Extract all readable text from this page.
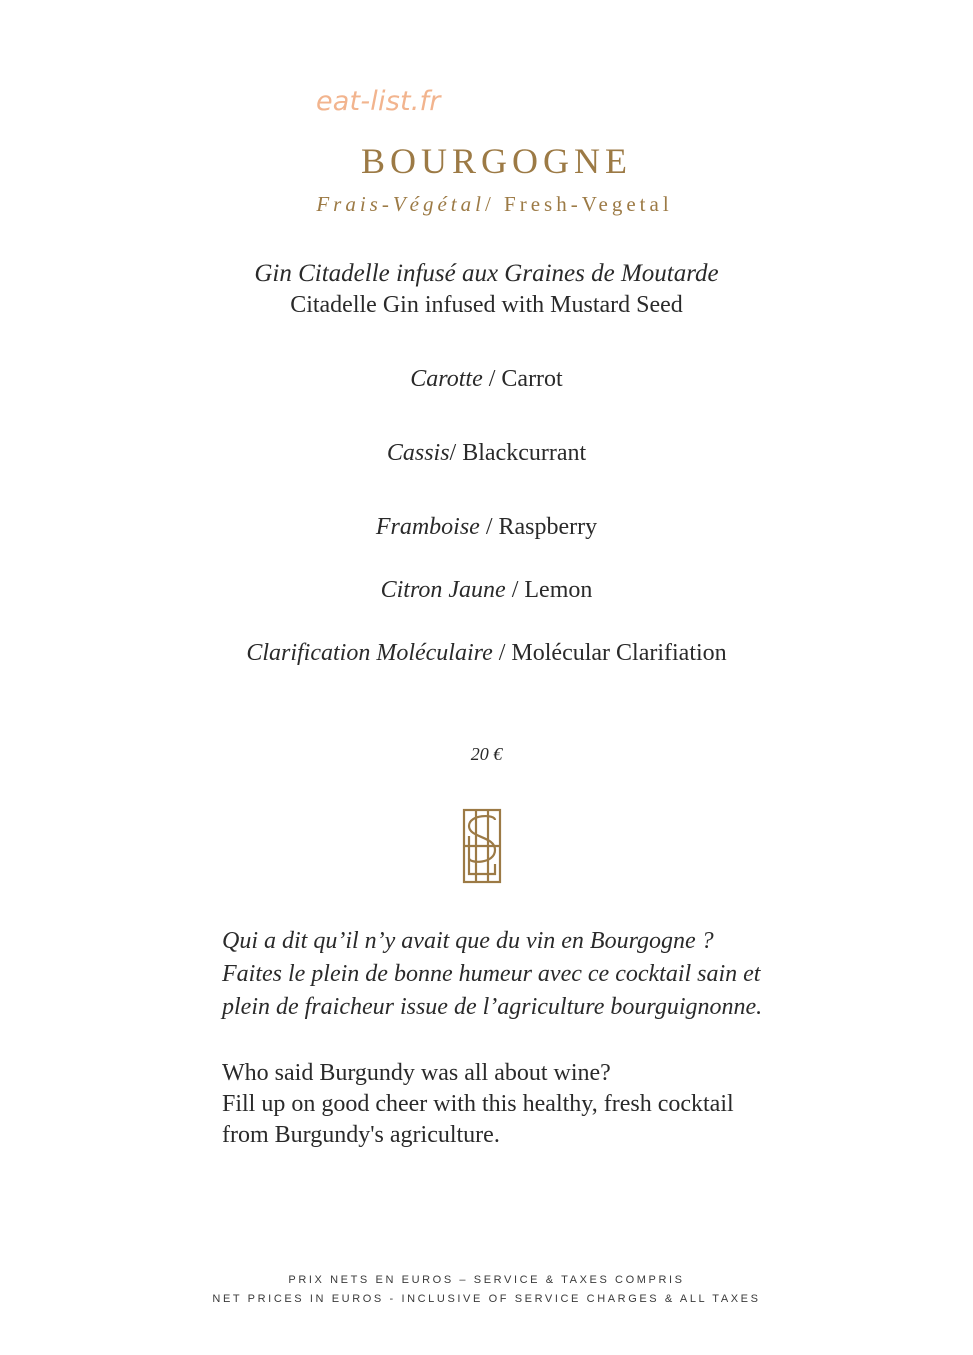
eat-list.fr
BOURGOGNE
Frais-Végétal/ Fresh-Vegetal
Gin Citadelle infusé aux Graines de Moutarde
Citadelle Gin infused with Mustard Seed
Carotte / Carrot
Cassis/ Blackcurrant
Framboise / Raspberry
Citron Jaune / Lemon
Clarification Moléculaire / Molécular Clarifiation
20 €
Qui a dit qu’il n’y avait que du vin en Bourgogne ?
Faites le plein de bonne humeur avec ce cocktail sain et
plein de fraicheur issue de l’agriculture bourguignonne.
Who said Burgundy was all about wine?
Fill up on good cheer with this healthy, fresh cocktail
from Burgundy's agriculture.
PRIX NETS EN EUROS – SERVICE & TAXES COMPRIS
NET PRICES IN EUROS - INCLUSIVE OF SERVICE CHARGES & ALL TAXES
